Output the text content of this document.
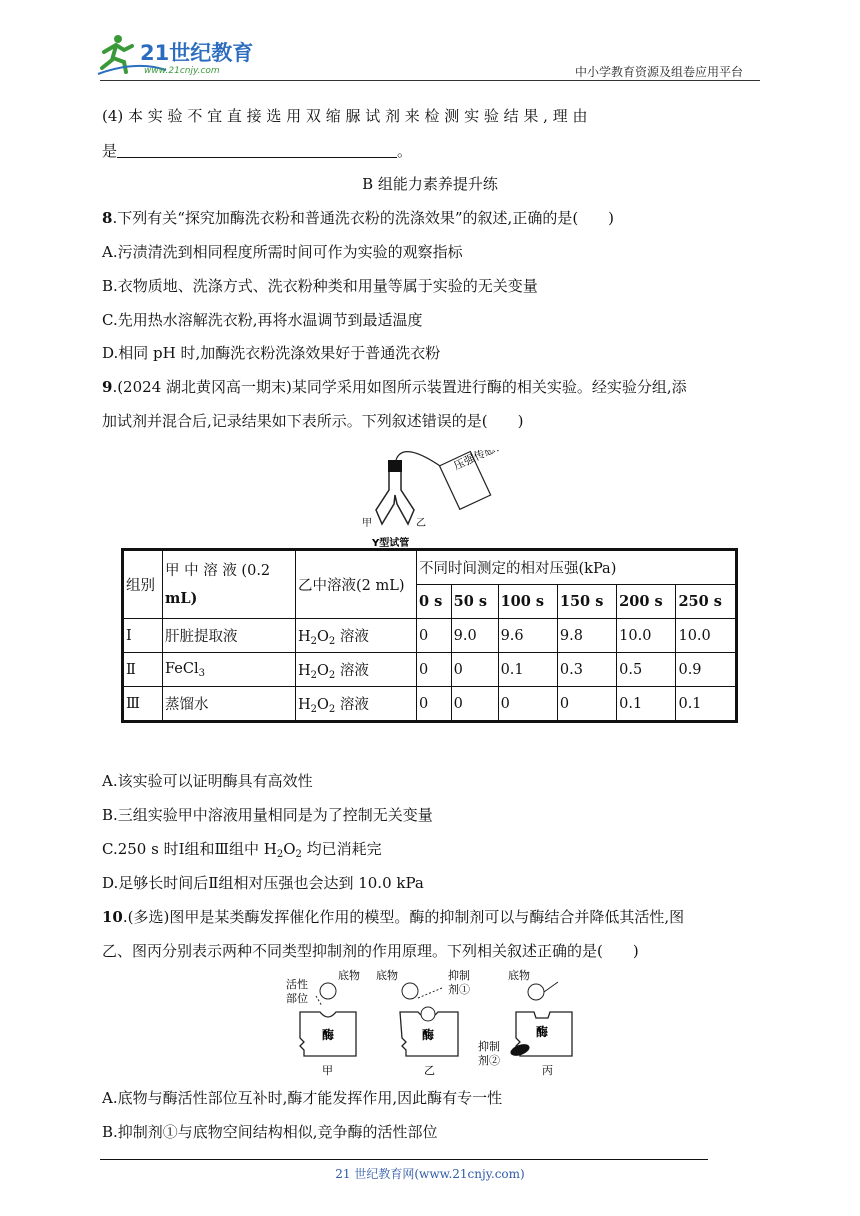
21世纪教育
www.21cnjy.com	中小学教育资源及组卷应用平台
(4) 本 实 验 不 宜 直 接 选 用 双 缩 脲 试 剂 来 检 测 实 验 结 果 , 理 由
是	。
B 组能力素养提升练
8.下列有关“探究加酶洗衣粉和普通洗衣粉的洗涤效果”的叙述,正确的是(　　)
A.污渍清洗到相同程度所需时间可作为实验的观察指标
B.衣物质地、洗涤方式、洗衣粉种类和用量等属于实验的无关变量
C.先用热水溶解洗衣粉,再将水温调节到最适温度
D.相同 pH 时,加酶洗衣粉洗涤效果好于普通洗衣粉
9.(2024 湖北黄冈高一期末)某同学采用如图所示装置进行酶的相关实验。经实验分组,添
加试剂并混合后,记录结果如下表所示。下列叙述错误的是(　　)
压强传感器
甲	乙
Y型试管
组别	甲 中 溶 液 (0.2
mL)	乙中溶液(2 mL)	不同时间测定的相对压强(kPa)					
			0 s	50 s	100 s	150 s	200 s	250 s
Ⅰ	肝脏提取液	$H_2O_2$ 溶液	0	9.0	9.6	9.8	10.0	10.0
Ⅱ	FeCl$_3$	$H_2O_2$ 溶液	0	0	0.1	0.3	0.5	0.9
Ⅲ	蒸馏水	$H_2O_2$ 溶液	0	0	0	0	0.1	0.1
A.该实验可以证明酶具有高效性
B.三组实验甲中溶液用量相同是为了控制无关变量
C.250 s 时Ⅰ组和Ⅲ组中 $H_2O_2$ 均已消耗完
D.足够长时间后Ⅱ组相对压强也会达到 10.0 kPa
10.(多选)图甲是某类酶发挥催化作用的模型。酶的抑制剂可以与酶结合并降低其活性,图
乙、图丙分别表示两种不同类型抑制剂的作用原理。下列相关叙述正确的是(　　)
活性
部位
底物
酶
甲
底物	抑制
剂①
酶
乙
底物
酶
抑制
剂②
丙
A.底物与酶活性部位互补时,酶才能发挥作用,因此酶有专一性
B.抑制剂①与底物空间结构相似,竞争酶的活性部位
21 世纪教育网(www.21cnjy.com)
